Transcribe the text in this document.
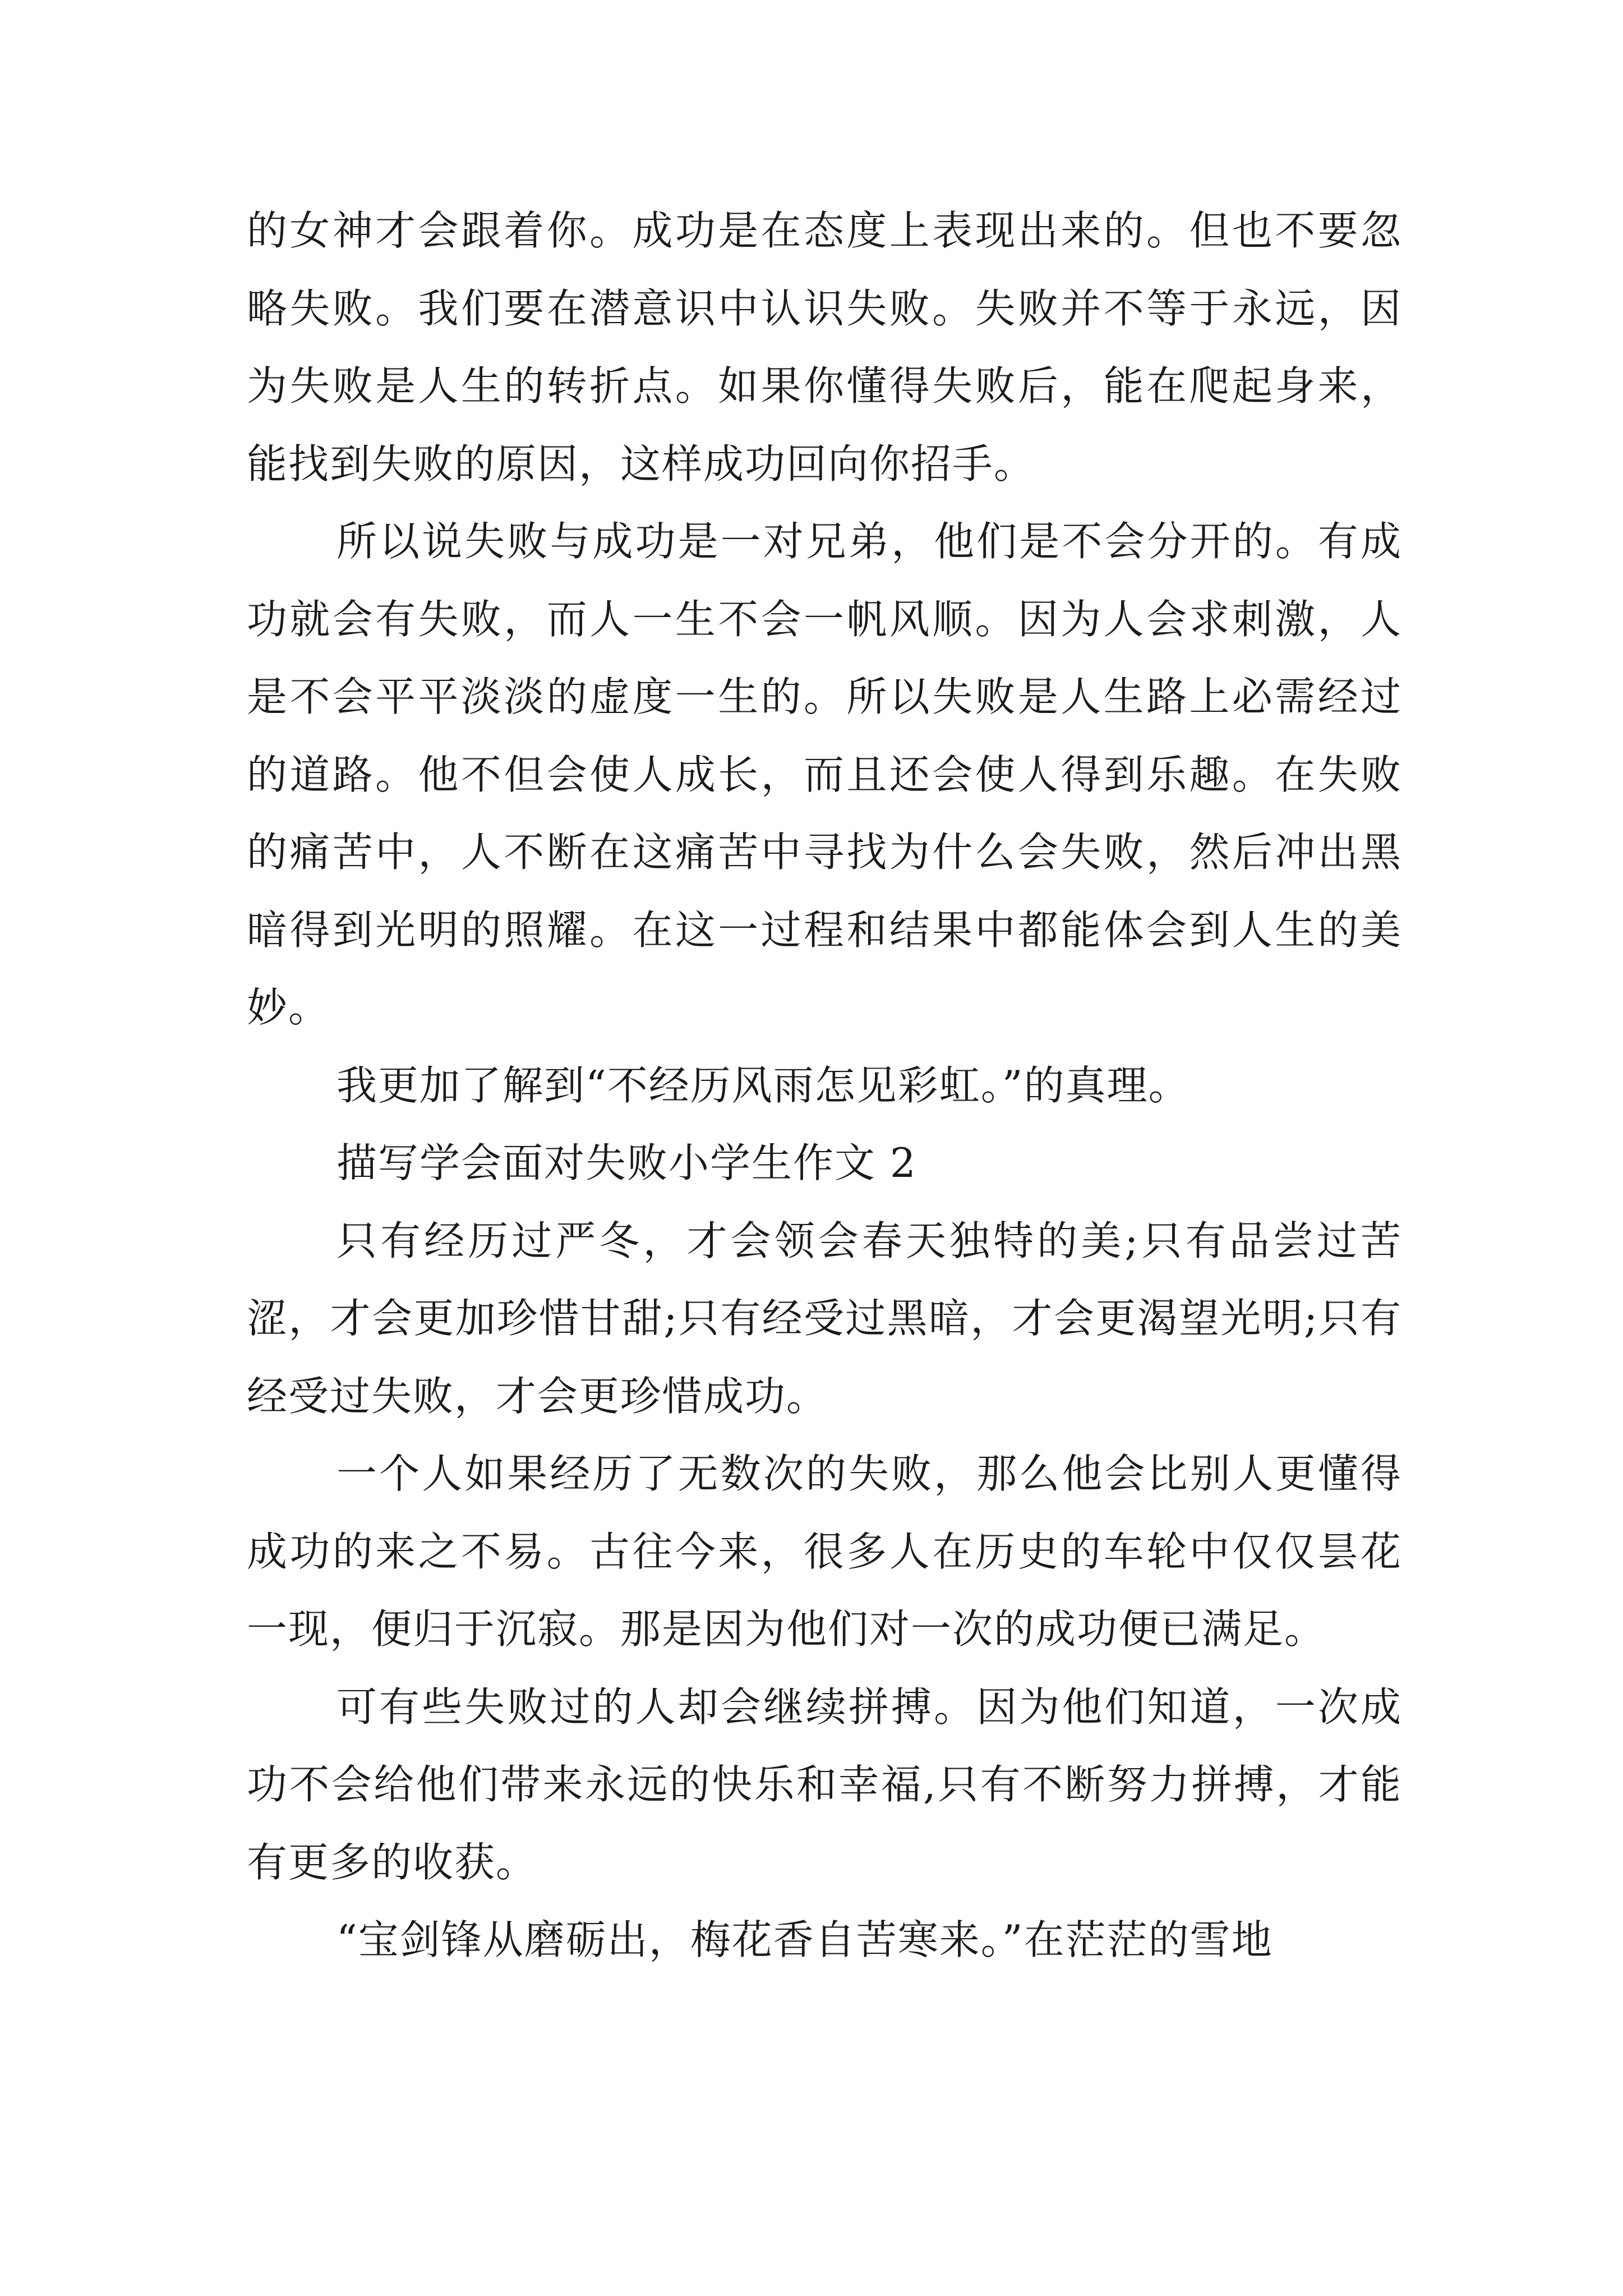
的女神才会跟着你。成功是在态度上表现出来的。但也不要忽略失败。我们要在潜意识中认识失败。失败并不等于永远，因为失败是人生的转折点。如果你懂得失败后，能在爬起身来，能找到失败的原因，这样成功回向你招手。

所以说失败与成功是一对兄弟，他们是不会分开的。有成功就会有失败，而人一生不会一帆风顺。因为人会求刺激，人是不会平平淡淡的虚度一生的。所以失败是人生路上必需经过的道路。他不但会使人成长，而且还会使人得到乐趣。在失败的痛苦中，人不断在这痛苦中寻找为什么会失败，然后冲出黑暗得到光明的照耀。在这一过程和结果中都能体会到人生的美妙。

我更加了解到“不经历风雨怎见彩虹。”的真理。

描写学会面对失败小学生作文 2

只有经历过严冬，才会领会春天独特的美;只有品尝过苦涩，才会更加珍惜甘甜;只有经受过黑暗，才会更渴望光明;只有经受过失败，才会更珍惜成功。

一个人如果经历了无数次的失败，那么他会比别人更懂得成功的来之不易。古往今来，很多人在历史的车轮中仅仅昙花一现，便归于沉寂。那是因为他们对一次的成功便已满足。

可有些失败过的人却会继续拼搏。因为他们知道，一次成功不会给他们带来永远的快乐和幸福,只有不断努力拼搏，才能有更多的收获。

“宝剑锋从磨砺出，梅花香自苦寒来。”在茫茫的雪地
